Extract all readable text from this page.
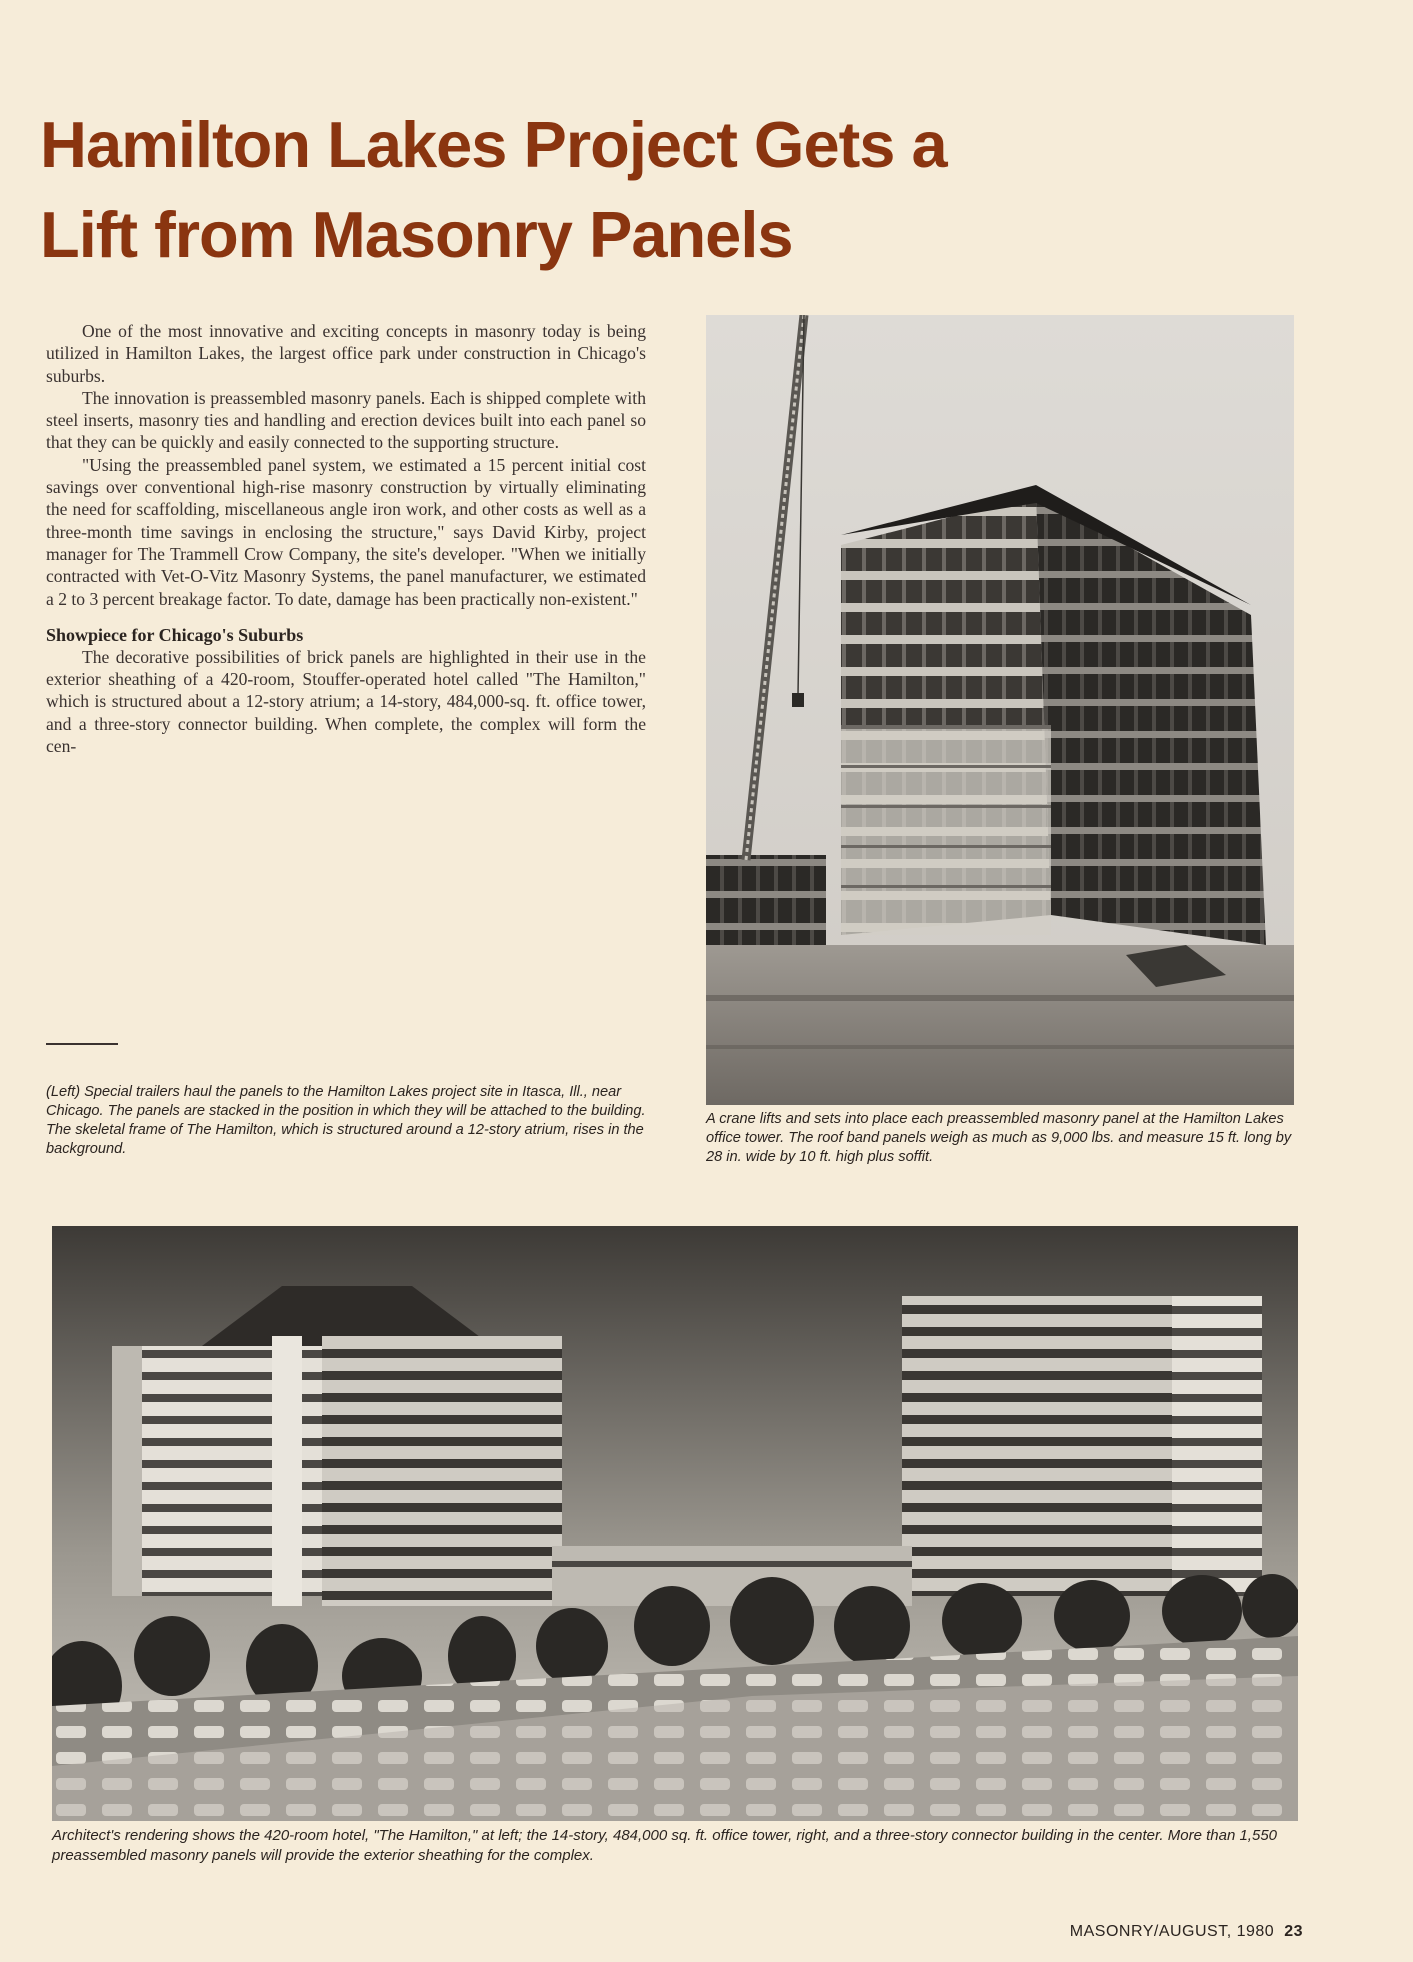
Hamilton Lakes Project Gets a
Lift from Masonry Panels

One of the most innovative and exciting concepts in masonry today is being utilized in Hamilton Lakes, the largest office park under construction in Chicago's suburbs.

The innovation is preassembled masonry panels. Each is shipped complete with steel inserts, masonry ties and handling and erection devices built into each panel so that they can be quickly and easily connected to the supporting structure.

"Using the preassembled panel system, we estimated a 15 percent initial cost savings over conventional high-rise masonry construction by virtually eliminating the need for scaffolding, miscellaneous angle iron work, and other costs as well as a three-month time savings in enclosing the structure," says David Kirby, project manager for The Trammell Crow Company, the site's developer. "When we initially contracted with Vet-O-Vitz Masonry Systems, the panel manufacturer, we estimated a 2 to 3 percent breakage factor. To date, damage has been practically non-existent."

Showpiece for Chicago's Suburbs

The decorative possibilities of brick panels are highlighted in their use in the exterior sheathing of a 420-room, Stouffer-operated hotel called "The Hamilton," which is structured about a 12-story atrium; a 14-story, 484,000-sq. ft. office tower, and a three-story connector building. When complete, the complex will form the cen-

(Left) Special trailers haul the panels to the Hamilton Lakes project site in Itasca, Ill., near Chicago. The panels are stacked in the position in which they will be attached to the building. The skeletal frame of The Hamilton, which is structured around a 12-story atrium, rises in the background.
A crane lifts and sets into place each preassembled masonry panel at the Hamilton Lakes office tower. The roof band panels weigh as much as 9,000 lbs. and measure 15 ft. long by 28 in. wide by 10 ft. high plus soffit.
Architect's rendering shows the 420-room hotel, "The Hamilton," at left; the 14-story, 484,000 sq. ft. office tower, right, and a three-story connector building in the center. More than 1,550 preassembled masonry panels will provide the exterior sheathing for the complex.
MASONRY/AUGUST, 1980 23
